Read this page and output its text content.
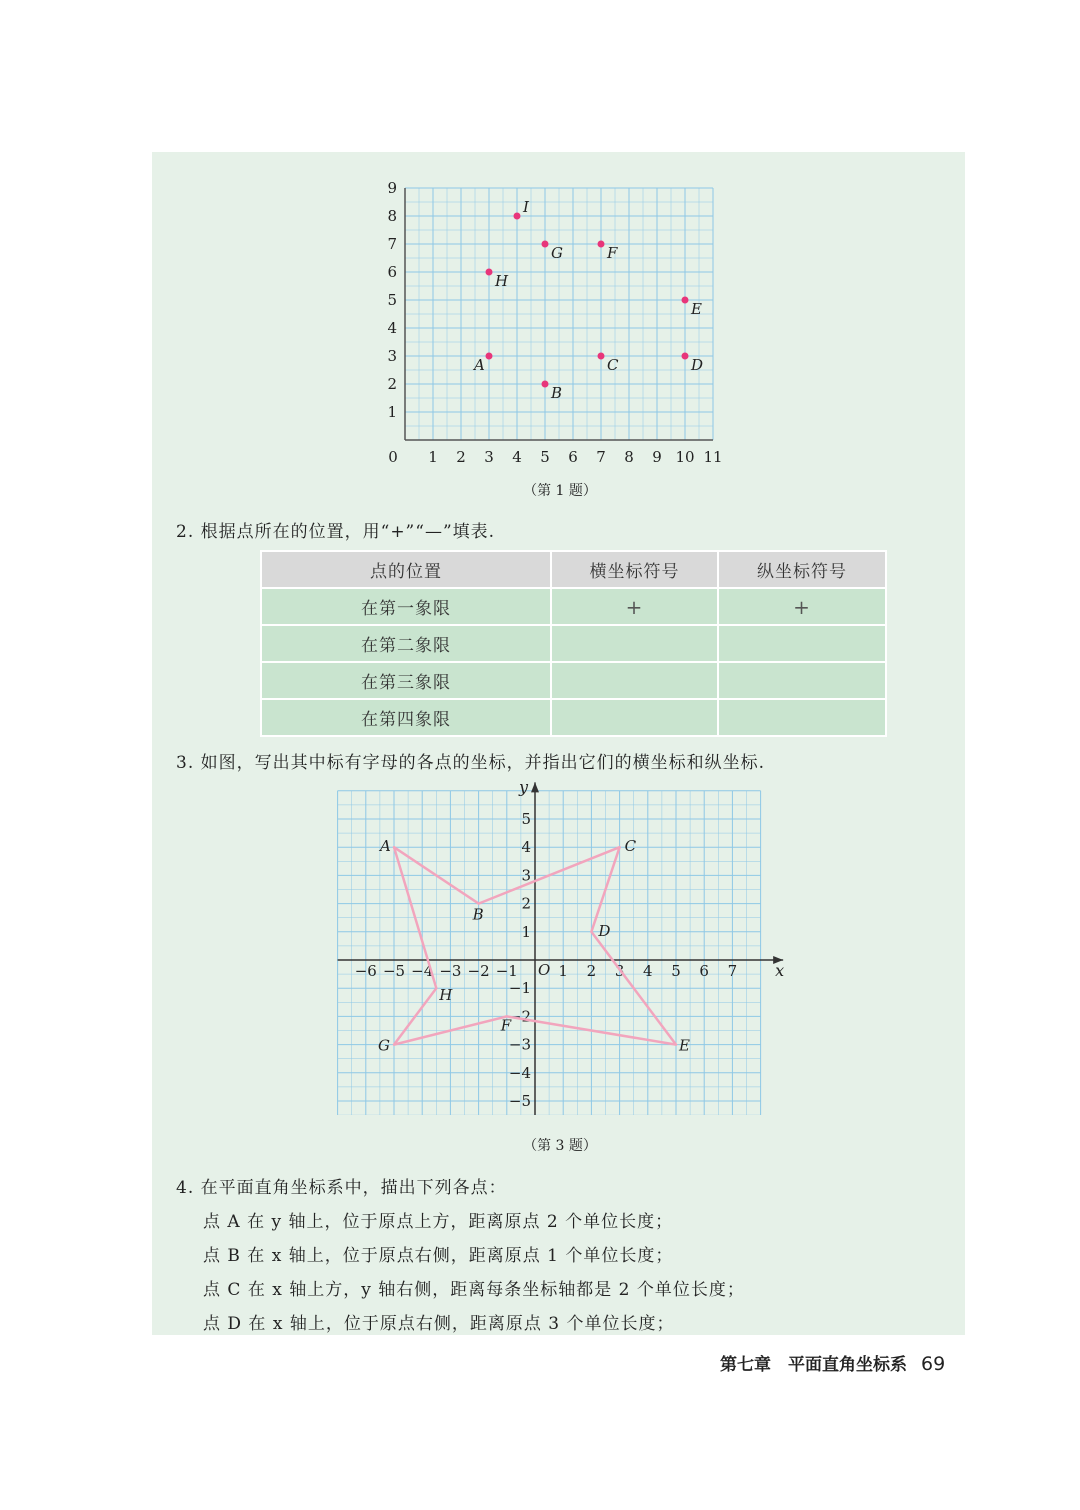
0 1 2 3 4 5 6 7 8 9 10 11
1
2
3
4
5
6
7
8
9
I
G	F
H
E
A	C	D
B
（第 1 题）
2. 根据点所在的位置，用“+”“—”填表.
点的位置	横坐标符号	纵坐标符号
在第一象限	+	+
在第二象限		
在第三象限		
在第四象限		
3. 如图，写出其中标有字母的各点的坐标，并指出它们的横坐标和纵坐标.
x
y
O
−6 −5 −4 −3 −2 −1	1 2 3 4 5 6 7
5
4
3
2
1
−1
−2
−3
−4
−5
A
B
C
D
E
F
G
H
（第 3 题）
4. 在平面直角坐标系中，描出下列各点：
点 A 在 y 轴上，位于原点上方，距离原点 2 个单位长度；
点 B 在 x 轴上，位于原点右侧，距离原点 1 个单位长度；
点 C 在 x 轴上方，y 轴右侧，距离每条坐标轴都是 2 个单位长度；
点 D 在 x 轴上，位于原点右侧，距离原点 3 个单位长度；
第七章　平面直角坐标系 69
